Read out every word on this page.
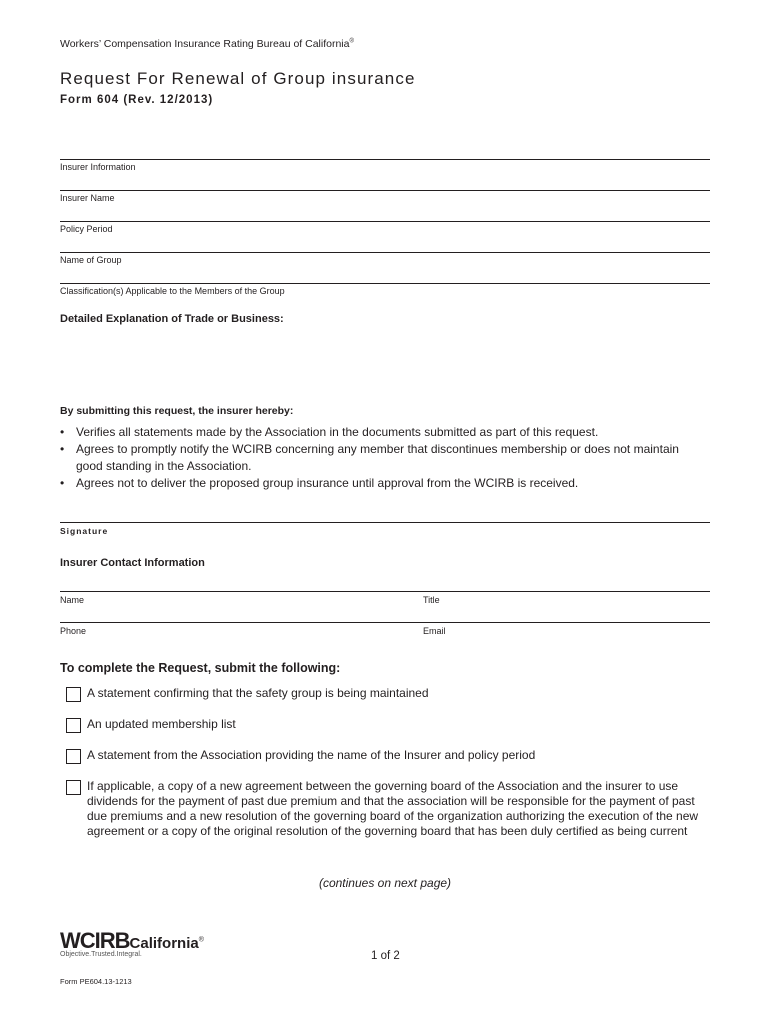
Workers’ Compensation Insurance Rating Bureau of California®
Request For Renewal of Group insurance
Form 604 (Rev. 12/2013)
Insurer Information
Insurer Name
Policy Period
Name of Group
Classification(s) Applicable to the Members of the Group
Detailed Explanation of Trade or Business:
By submitting this request, the insurer hereby:
• Verifies all statements made by the Association in the documents submitted as part of this request.
• Agrees to promptly notify the WCIRB concerning any member that discontinues membership or does not maintain good standing in the Association.
• Agrees not to deliver the proposed group insurance until approval from the WCIRB is received.
Signature
Insurer Contact Information
Name	Title
Phone	Email
To complete the Request, submit the following:
A statement confirming that the safety group is being maintained
An updated membership list
A statement from the Association providing the name of the Insurer and policy period
If applicable, a copy of a new agreement between the governing board of the Association and the insurer to use dividends for the payment of past due premium and that the association will be responsible for the payment of past due premiums and a new resolution of the governing board of the organization authorizing the execution of the new agreement or a copy of the original resolution of the governing board that has been duly certified as being current
(continues on next page)
WCIRBCalifornia®
Objective.Trusted.Integral.	1 of 2
Form PE604.13-1213
